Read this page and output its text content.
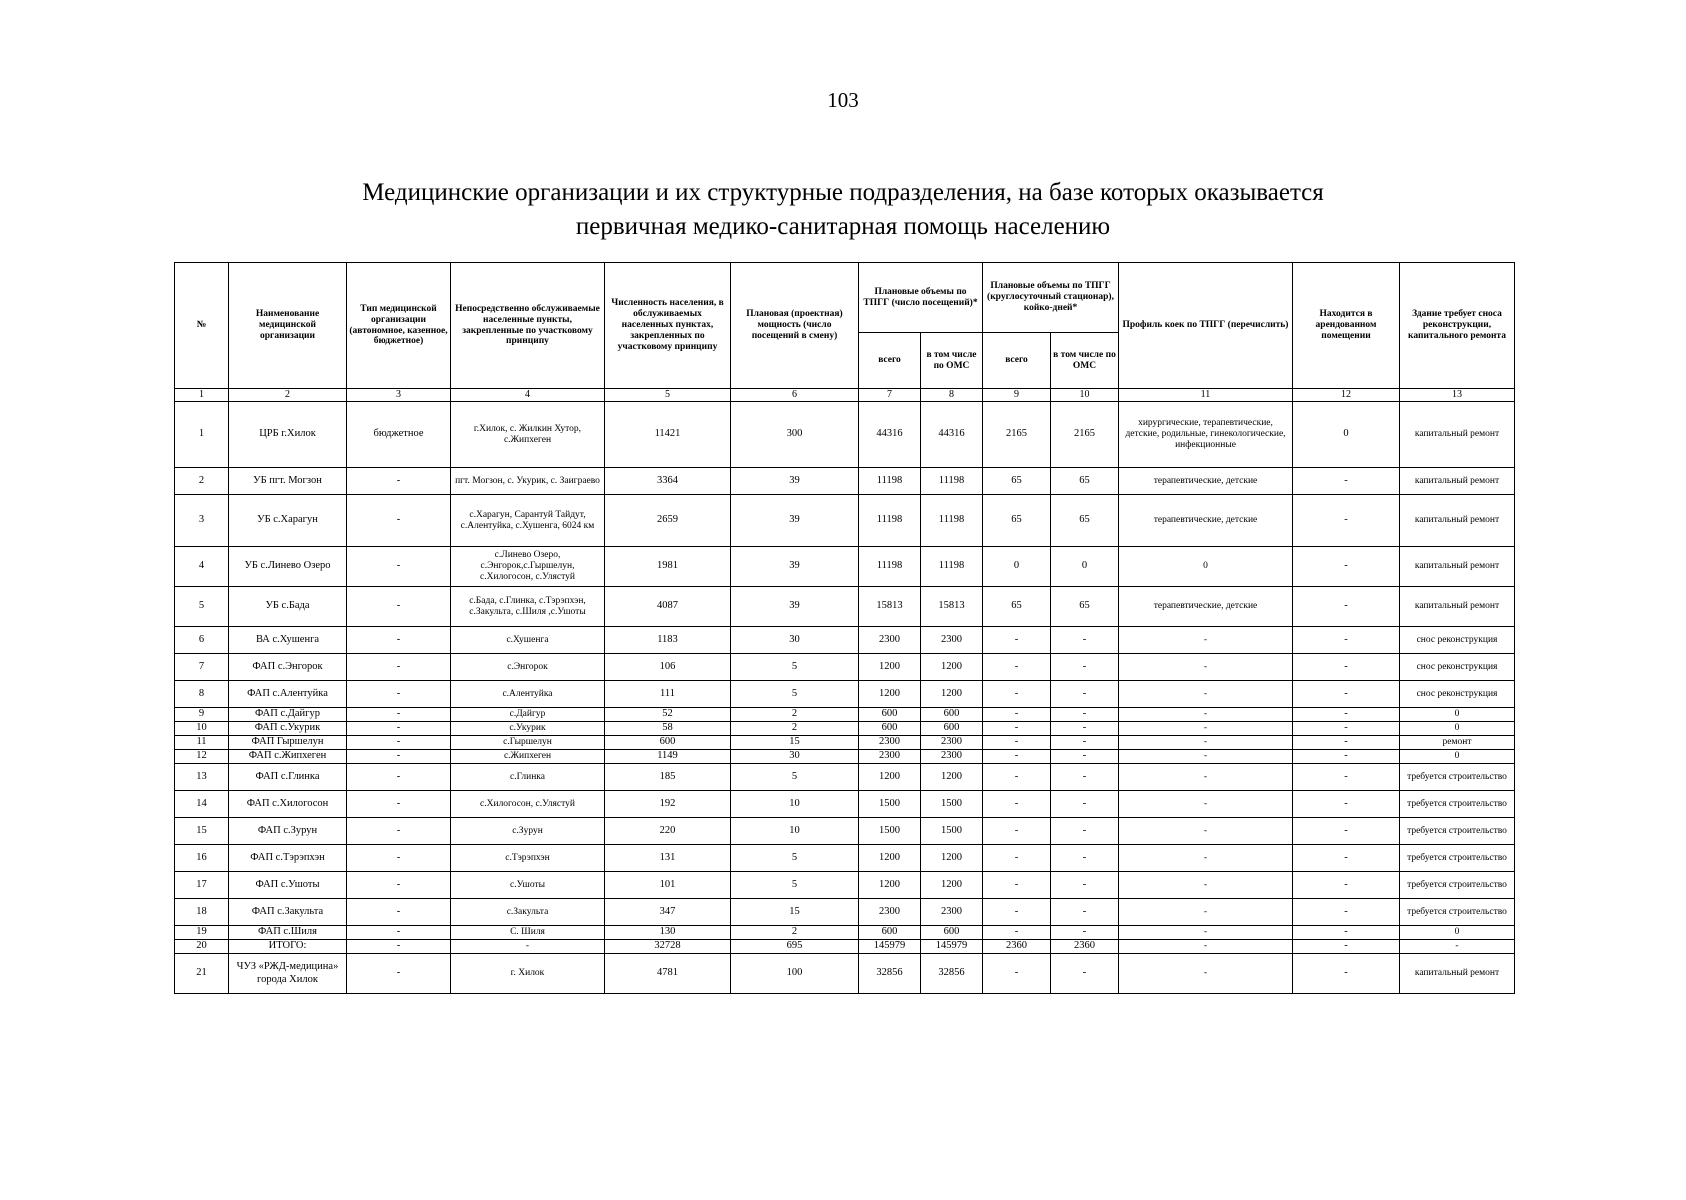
103
Медицинские организации и их структурные подразделения, на базе которых оказывается
первичная медико-санитарная помощь населению
№	Наименование медицинской организации	Тип медицинской организации (автономное, казенное, бюджетное)	Непосредственно обслуживаемые населенные пункты, закрепленные по участковому принципу	Численность населения, в обслуживаемых населенных пунктах, закрепленных по участковому принципу	Плановая (проектная) мощность (число посещений в смену)	Плановые объемы по ТПГГ (число посещений)*		Плановые объемы по ТПГГ (круглосуточный стационар), койко-дней*		Профиль коек по ТПГГ (перечислить)	Находится в арендованном помещении	Здание требует сноса реконструкции, капитального ремонта
						всего	в том числе по ОМС	всего	в том числе по ОМС			
1	2	3	4	5	6	7	8	9	10	11	12	13
1	ЦРБ г.Хилок	бюджетное	г.Хилок, с. Жилкин Хутор, с.Жипхеген	11421	300	44316	44316	2165	2165	хирургические, терапевтические, детские, родильные, гинекологические, инфекционные	0	капитальный ремонт
2	УБ пгт. Могзон	-	пгт. Могзон, с. Укурик, с. Заиграево	3364	39	11198	11198	65	65	терапевтические, детские	-	капитальный ремонт
3	УБ с.Харагун	-	с.Харагун, Сарантуй Тайдут, с.Алентуйка, с.Хушенга, 6024 км	2659	39	11198	11198	65	65	терапевтические, детские	-	капитальный ремонт
4	УБ с.Линево Озеро	-	с.Линево Озеро, с.Энгорок,с.Гыршелун, с.Хилогосон, с.Улястуй	1981	39	11198	11198	0	0	0	-	капитальный ремонт
5	УБ с.Бада	-	с.Бада, с.Глинка, с.Тэрэпхэн, с.Закульта, с.Шиля ,с.Ушоты	4087	39	15813	15813	65	65	терапевтические, детские	-	капитальный ремонт
6	ВА с.Хушенга	-	с.Хушенга	1183	30	2300	2300	-	-	-	-	снос реконструкция
7	ФАП с.Энгорок	-	с.Энгорок	106	5	1200	1200	-	-	-	-	снос реконструкция
8	ФАП с.Алентуйка	-	с.Алентуйка	111	5	1200	1200	-	-	-	-	снос реконструкция
9	ФАП с.Дайгур	-	с.Дайгур	52	2	600	600	-	-	-	-	0
10	ФАП с.Укурик	-	с.Укурик	58	2	600	600	-	-	-	-	0
11	ФАП Гыршелун	-	с.Гыршелун	600	15	2300	2300	-	-	-	-	ремонт
12	ФАП с.Жипхеген	-	с.Жипхеген	1149	30	2300	2300	-	-	-	-	0
13	ФАП с.Глинка	-	с.Глинка	185	5	1200	1200	-	-	-	-	требуется строительство
14	ФАП с.Хилогосон	-	с.Хилогосон, с.Улястуй	192	10	1500	1500	-	-	-	-	требуется строительство
15	ФАП с.Зурун	-	с.Зурун	220	10	1500	1500	-	-	-	-	требуется строительство
16	ФАП с.Тэрэпхэн	-	с.Тэрэпхэн	131	5	1200	1200	-	-	-	-	требуется строительство
17	ФАП с.Ушоты	-	с.Ушоты	101	5	1200	1200	-	-	-	-	требуется строительство
18	ФАП с.Закульта	-	с.Закульта	347	15	2300	2300	-	-	-	-	требуется строительство
19	ФАП с.Шиля	-	С. Шиля	130	2	600	600	-	-	-	-	0
20	ИТОГО:	-	-	32728	695	145979	145979	2360	2360	-	-	-
21	ЧУЗ «РЖД-медицина» города Хилок	-	г. Хилок	4781	100	32856	32856	-	-	-	-	капитальный ремонт
